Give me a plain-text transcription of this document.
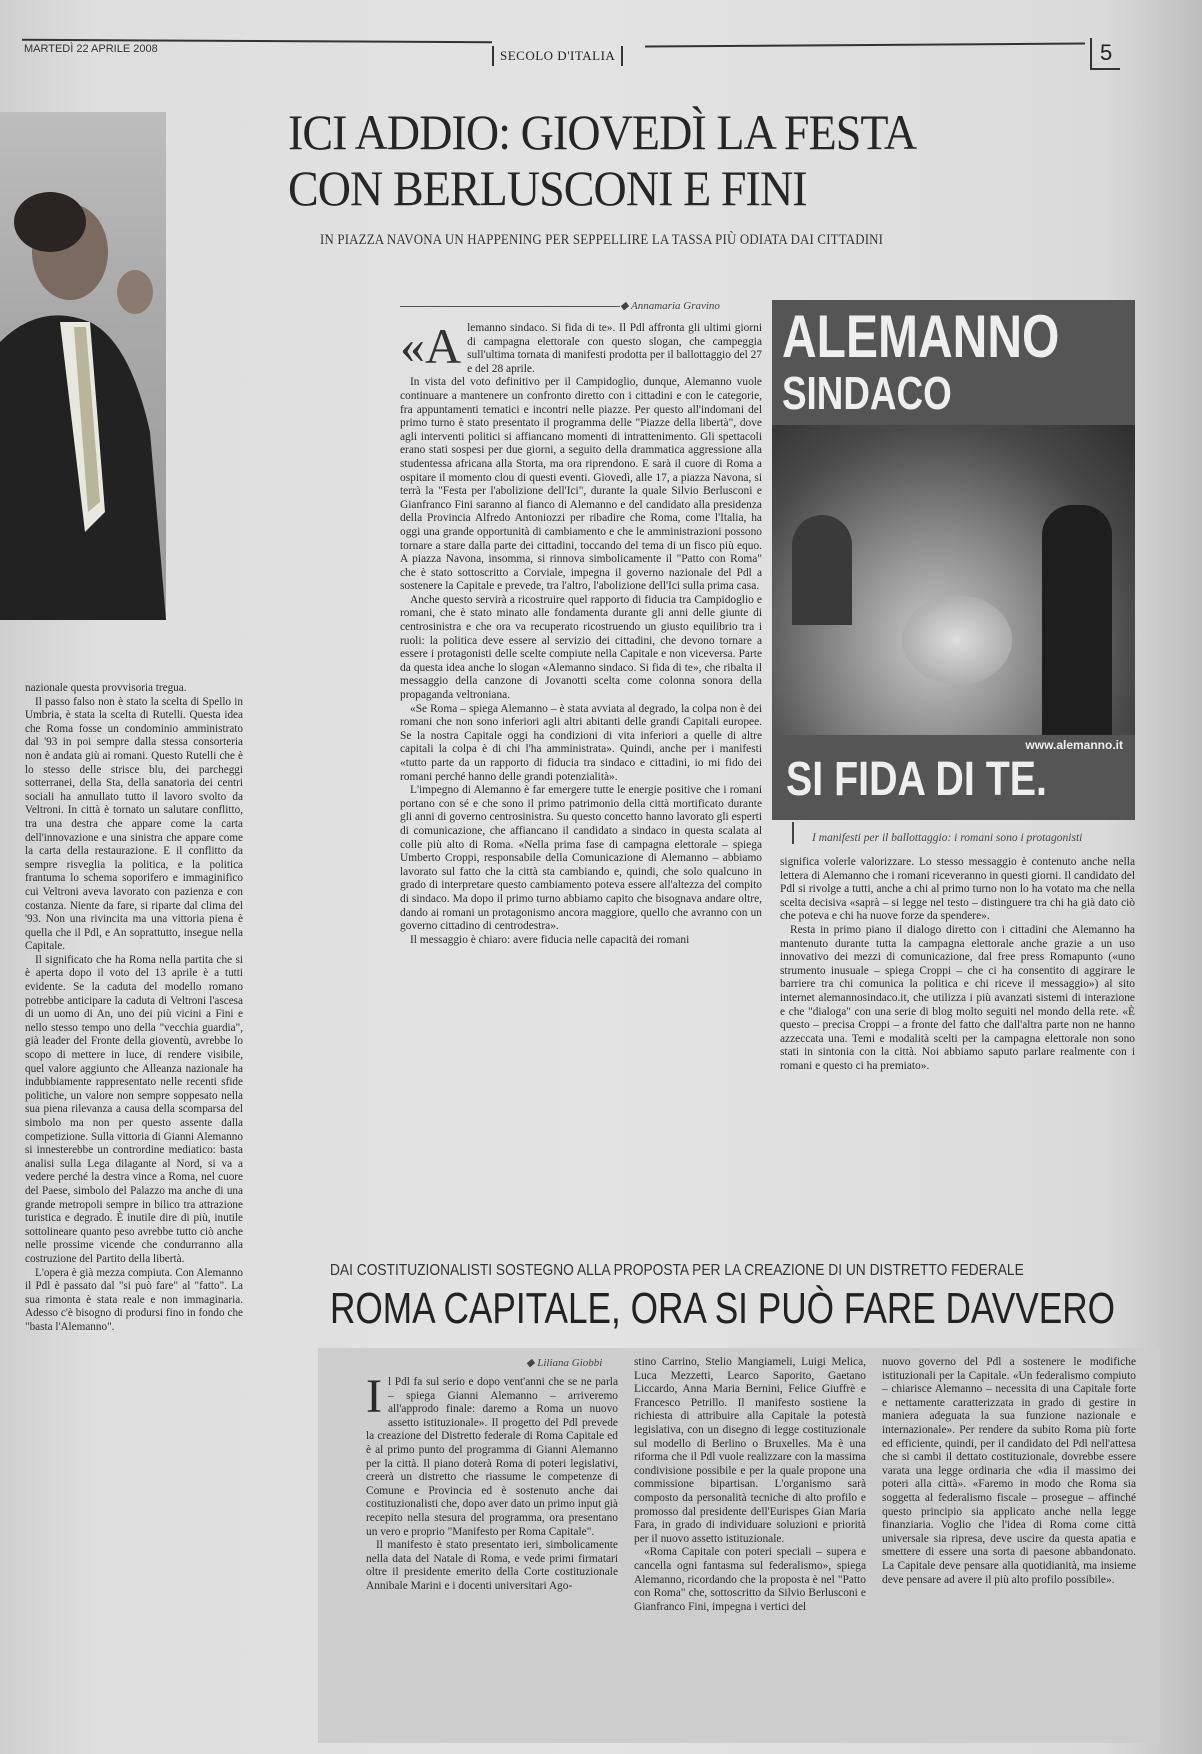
MARTEDÌ 22 APRILE 2008	SECOLO D'ITALIA	5
ICI ADDIO: GIOVEDÌ LA FESTA
CON BERLUSCONI E FINI
IN PIAZZA NAVONA UN HAPPENING PER SEPPELLIRE LA TASSA PIÙ ODIATA DAI CITTADINI
◆ Annamaria Gravino
«A lemanno sindaco. Si fida di te». Il Pdl affronta gli ultimi giorni di campagna elettorale con questo slogan, che campeggia sull'ultima tornata di manifesti prodotta per il ballottaggio del 27 e del 28 aprile.

In vista del voto definitivo per il Campidoglio, dunque, Alemanno vuole continuare a mantenere un confronto diretto con i cittadini e con le categorie, fra appuntamenti tematici e incontri nelle piazze. Per questo all'indomani del primo turno è stato presentato il programma delle "Piazze della libertà", dove agli interventi politici si affiancano momenti di intrattenimento. Gli spettacoli erano stati sospesi per due giorni, a seguito della drammatica aggressione alla studentessa africana alla Storta, ma ora riprendono. E sarà il cuore di Roma a ospitare il momento clou di questi eventi. Giovedì, alle 17, a piazza Navona, si terrà la "Festa per l'abolizione dell'Ici", durante la quale Silvio Berlusconi e Gianfranco Fini saranno al fianco di Alemanno e del candidato alla presidenza della Provincia Alfredo Antoniozzi per ribadire che Roma, come l'Italia, ha oggi una grande opportunità di cambiamento e che le amministrazioni possono tornare a stare dalla parte dei cittadini, toccando del tema di un fisco più equo. A piazza Navona, insomma, si rinnova simbolicamente il "Patto con Roma" che è stato sottoscritto a Corviale, impegna il governo nazionale del Pdl a sostenere la Capitale e prevede, tra l'altro, l'abolizione dell'Ici sulla prima casa.

Anche questo servirà a ricostruire quel rapporto di fiducia tra Campidoglio e romani, che è stato minato alle fondamenta durante gli anni delle giunte di centrosinistra e che ora va recuperato ricostruendo un giusto equilibrio tra i ruoli: la politica deve essere al servizio dei cittadini, che devono tornare a essere i protagonisti delle scelte compiute nella Capitale e non viceversa. Parte da questa idea anche lo slogan «Alemanno sindaco. Si fida di te», che ribalta il messaggio della canzone di Jovanotti scelta come colonna sonora della propaganda veltroniana.

«Se Roma – spiega Alemanno – è stata avviata al degrado, la colpa non è dei romani che non sono inferiori agli altri abitanti delle grandi Capitali europee. Se la nostra Capitale oggi ha condizioni di vita inferiori a quelle di altre capitali la colpa è di chi l'ha amministrata». Quindi, anche per i manifesti «tutto parte da un rapporto di fiducia tra sindaco e cittadini, io mi fido dei romani perché hanno delle grandi potenzialità».

L'impegno di Alemanno è far emergere tutte le energie positive che i romani portano con sé e che sono il primo patrimonio della città mortificato durante gli anni di governo centrosinistra. Su questo concetto hanno lavorato gli esperti di comunicazione, che affiancano il candidato a sindaco in questa scalata al colle più alto di Roma. «Nella prima fase di campagna elettorale – spiega Umberto Croppi, responsabile della Comunicazione di Alemanno – abbiamo lavorato sul fatto che la città sta cambiando e, quindi, che solo qualcuno in grado di interpretare questo cambiamento poteva essere all'altezza del compito di sindaco. Ma dopo il primo turno abbiamo capito che bisognava andare oltre, dando ai romani un protagonismo ancora maggiore, quello che avranno con un governo cittadino di centrodestra».

Il messaggio è chiaro: avere fiducia nelle capacità dei romani

ALEMANNO
SINDACO
www.alemanno.it
SI FIDA DI TE.
I manifesti per il ballottaggio: i romani sono i protagonisti

significa volerle valorizzare. Lo stesso messaggio è contenuto anche nella lettera di Alemanno che i romani riceveranno in questi giorni. Il candidato del Pdl si rivolge a tutti, anche a chi al primo turno non lo ha votato ma che nella scelta decisiva «saprà – si legge nel testo – distinguere tra chi ha già dato ciò che poteva e chi ha nuove forze da spendere».

Resta in primo piano il dialogo diretto con i cittadini che Alemanno ha mantenuto durante tutta la campagna elettorale anche grazie a un uso innovativo dei mezzi di comunicazione, dal free press Romapunto («uno strumento inusuale – spiega Croppi – che ci ha consentito di aggirare le barriere tra chi comunica la politica e chi riceve il messaggio») al sito internet alemannosindaco.it, che utilizza i più avanzati sistemi di interazione e che "dialoga" con una serie di blog molto seguiti nel mondo della rete. «È questo – precisa Croppi – a fronte del fatto che dall'altra parte non ne hanno azzeccata una. Temi e modalità scelti per la campagna elettorale non sono stati in sintonia con la città. Noi abbiamo saputo parlare realmente con i romani e questo ci ha premiato».

nazionale questa provvisoria tregua.

Il passo falso non è stato la scelta di Spello in Umbria, è stata la scelta di Rutelli. Questa idea che Roma fosse un condominio amministrato dal '93 in poi sempre dalla stessa consorteria non è andata giù ai romani. Questo Rutelli che è lo stesso delle strisce blu, dei parcheggi sotterranei, della Sta, della sanatoria dei centri sociali ha annullato tutto il lavoro svolto da Veltroni. In città è tornato un salutare conflitto, tra una destra che appare come la carta dell'innovazione e una sinistra che appare come la carta della restaurazione. E il conflitto da sempre risveglia la politica, e la politica frantuma lo schema soporifero e immaginifico cui Veltroni aveva lavorato con pazienza e con costanza. Niente da fare, si riparte dal clima del '93. Non una rivincita ma una vittoria piena è quella che il Pdl, e An soprattutto, insegue nella Capitale.

Il significato che ha Roma nella partita che si è aperta dopo il voto del 13 aprile è a tutti evidente. Se la caduta del modello romano potrebbe anticipare la caduta di Veltroni l'ascesa di un uomo di An, uno dei più vicini a Fini e nello stesso tempo uno della "vecchia guardia", già leader del Fronte della gioventù, avrebbe lo scopo di mettere in luce, di rendere visibile, quel valore aggiunto che Alleanza nazionale ha indubbiamente rappresentato nelle recenti sfide politiche, un valore non sempre soppesato nella sua piena rilevanza a causa della scomparsa del simbolo ma non per questo assente dalla competizione. Sulla vittoria di Gianni Alemanno si innesterebbe un contrordine mediatico: basta analisi sulla Lega dilagante al Nord, si va a vedere perché la destra vince a Roma, nel cuore del Paese, simbolo del Palazzo ma anche di una grande metropoli sempre in bilico tra attrazione turistica e degrado. È inutile dire di più, inutile sottolineare quanto peso avrebbe tutto ciò anche nelle prossime vicende che condurranno alla costruzione del Partito della libertà.

L'opera è già mezza compiuta. Con Alemanno il Pdl è passato dal "si può fare" al "fatto". La sua rimonta è stata reale e non immaginaria. Adesso c'è bisogno di prodursi fino in fondo che "basta l'Alemanno".

DAI COSTITUZIONALISTI SOSTEGNO ALLA PROPOSTA PER LA CREAZIONE DI UN DISTRETTO FEDERALE
ROMA CAPITALE, ORA SI PUÒ FARE DAVVERO
◆ Liliana Giobbi
I l Pdl fa sul serio e dopo vent'anni che se ne parla – spiega Gianni Alemanno – arriveremo all'approdo finale: daremo a Roma un nuovo assetto istituzionale». Il progetto del Pdl prevede la creazione del Distretto federale di Roma Capitale ed è al primo punto del programma di Gianni Alemanno per la città. Il piano doterà Roma di poteri legislativi, creerà un distretto che riassume le competenze di Comune e Provincia ed è sostenuto anche dai costituzionalisti che, dopo aver dato un primo input già recepito nella stesura del programma, ora presentano un vero e proprio "Manifesto per Roma Capitale".

Il manifesto è stato presentato ieri, simbolicamente nella data del Natale di Roma, e vede primi firmatari oltre il presidente emerito della Corte costituzionale Annibale Marini e i docenti universitari Ago-

stino Carrino, Stelio Mangiameli, Luigi Melica, Luca Mezzetti, Learco Saporito, Gaetano Liccardo, Anna Maria Bernini, Felice Giuffrè e Francesco Petrillo. Il manifesto sostiene la richiesta di attribuire alla Capitale la potestà legislativa, con un disegno di legge costituzionale sul modello di Berlino o Bruxelles. Ma è una riforma che il Pdl vuole realizzare con la massima condivisione possibile e per la quale propone una commissione bipartisan. L'organismo sarà composto da personalità tecniche di alto profilo e promosso dal presidente dell'Eurispes Gian Maria Fara, in grado di individuare soluzioni e priorità per il nuovo assetto istituzionale.

«Roma Capitale con poteri speciali – supera e cancella ogni fantasma sul federalismo», spiega Alemanno, ricordando che la proposta è nel "Patto con Roma" che, sottoscritto da Silvio Berlusconi e Gianfranco Fini, impegna i vertici del

nuovo governo del Pdl a sostenere le modifiche istituzionali per la Capitale. «Un federalismo compiuto – chiarisce Alemanno – necessita di una Capitale forte e nettamente caratterizzata in grado di gestire in maniera adeguata la sua funzione nazionale e internazionale». Per rendere da subito Roma più forte ed efficiente, quindi, per il candidato del Pdl nell'attesa che si cambi il dettato costituzionale, dovrebbe essere varata una legge ordinaria che «dia il massimo dei poteri alla città». «Faremo in modo che Roma sia soggetta al federalismo fiscale – prosegue – affinché questo principio sia applicato anche nella legge finanziaria. Voglio che l'idea di Roma come città universale sia ripresa, deve uscire da questa apatia e smettere di essere una sorta di paesone abbandonato. La Capitale deve pensare alla quotidianità, ma insieme deve pensare ad avere il più alto profilo possibile».
